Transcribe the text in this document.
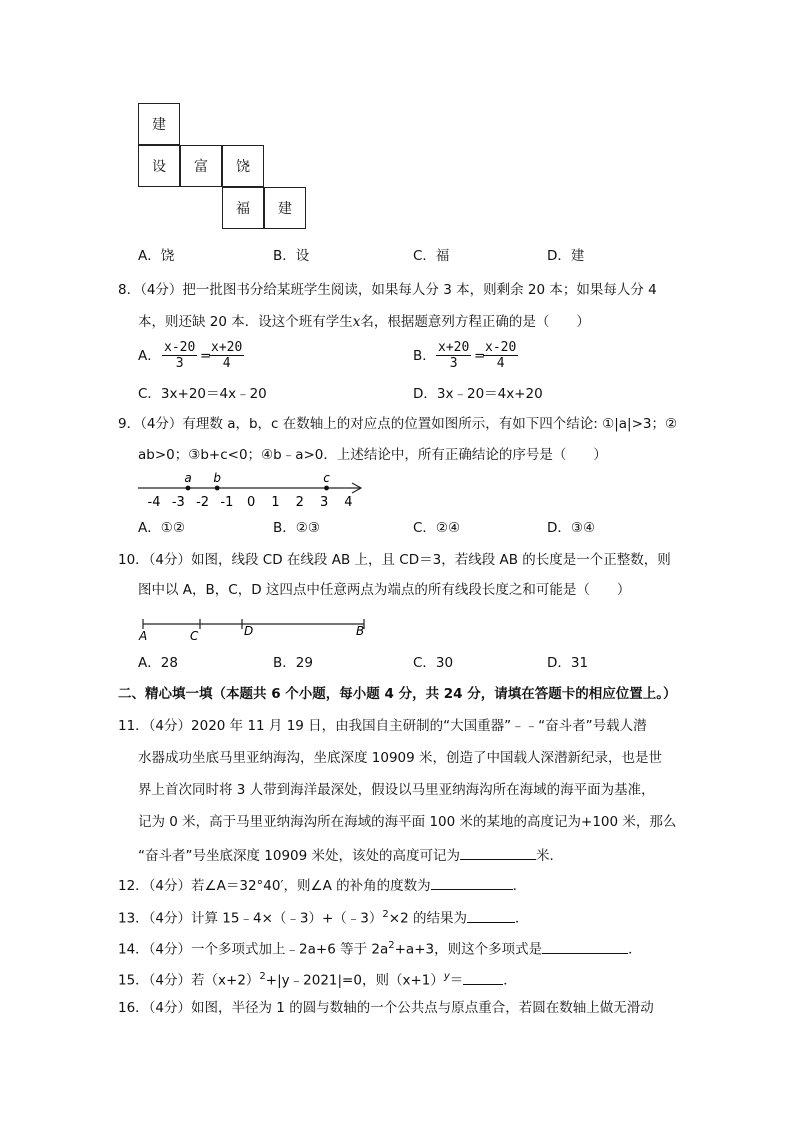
建
设	富	饶
福	建
A．饶	B．设	C．福	D．建
8．（4分）把一批图书分给某班学生阅读，如果每人分 3 本，则剩余 20 本；如果每人分 4
本，则还缺 20 本．设这个班有学生x名，根据题意列方程正确的是（　　）
A． $\frac{x-20}{3}$ =
$\frac{x+20}{4}$	B． $\frac{x+20}{3}$ =
$\frac{x-20}{4}$
C．3x+20＝4x﹣20	D．3x﹣20＝4x+20
9．（4分）有理数 a，b，c 在数轴上的对应点的位置如图所示，有如下四个结论: ①|a|>3；②
ab>0；③b+c<0；④b﹣a>0．上述结论中，所有正确结论的序号是（　　）
-4 -3 -2 -1 0 1 2 3 4
a b	c
A．①②	B．②③	C．②④	D．③④
10．（4分）如图，线段 CD 在线段 AB 上，且 CD＝3，若线段 AB 的长度是一个正整数，则
图中以 A，B，C，D 这四点中任意两点为端点的所有线段长度之和可能是（　　）
A	C	D	B
A．28	B．29	C．30	D．31
二、精心填一填（本题共 6 个小题，每小题 4 分，共 24 分，请填在答题卡的相应位置上。）
11．（4分）2020 年 11 月 19 日，由我国自主研制的“大国重器”﹣﹣“奋斗者”号载人潜
水器成功坐底马里亚纳海沟，坐底深度 10909 米，创造了中国载人深潜新纪录，也是世
界上首次同时将 3 人带到海洋最深处，假设以马里亚纳海沟所在海域的海平面为基准，
记为 0 米，高于马里亚纳海沟所在海域的海平面 100 米的某地的高度记为+100 米，那么
“奋斗者”号坐底深度 10909 米处，该处的高度可记为	米．
12．（4分）若∠A＝32°40′，则∠A 的补角的度数为	．
13．（4分）计算 15﹣4×（﹣3）+（﹣3）$^2$×2 的结果为	．
14．（4分）一个多项式加上﹣2a+6 等于 $2a^2+a+3$，则这个多项式是	．
15．（4分）若$(x+2)^2+|y﹣2021|=0$，则$(x+1)^y=$	．
16．（4分）如图，半径为 1 的圆与数轴的一个公共点与原点重合，若圆在数轴上做无滑动
